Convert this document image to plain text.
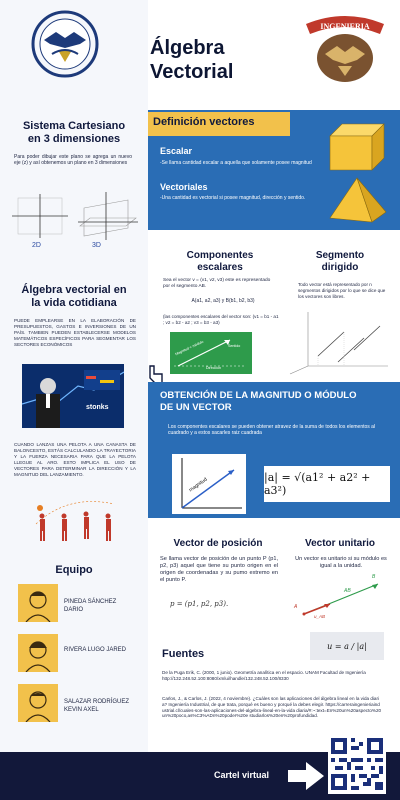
Álgebra
Vectorial
INGENIERIA
Sistema Cartesiano
en 3 dimensiones
Para poder dibujar este plano se agrega un nuevo eje (z) y así obtenemos un plano en 3 dimensiones
2D	3D
Álgebra vectorial en
la vida cotidiana
PUEDE EMPLEARSE EN LA ELABORACIÓN DE PRESUPUESTOS, GASTOS E INVERSIONES DE UN PAÍS. TAMBIEN PUEDEN ESTABLECERSE MODELOS MATEMÁTICOS ESPECÍFICOS PARA SEGMENTAR LOS SECTORES ECONÓMICOS
stonks
CUANDO LANZAS UNA PELOTA A UNA CANASTA DE BALONCESTO, ESTÁS CALCULANDO LA TRAYECTORIA Y LA FUERZA NECESARIA PARA QUE LA PELOTA LLEGUE AL ARO. ESTO IMPLICA EL USO DE VECTORES PARA DETERMINAR LA DIRECCIÓN Y LA MAGNITUD DEL LANZAMIENTO.
Equipo
PINEDA SÁNCHEZ
DARIO
RIVERA LUGO JARED
SALAZAR RODRÍGUEZ
KEVIN AXEL
Definición vectores
Escalar
-Se llama cantidad escalar a aquella que solamente posee magnitud
Vectoriales
-Una cantidad es vectorial si posee magnitud, dirección y sentido.
Componentes
escalares
Sea el vector v = (v1, v2, v3) este es representado por el segmento AB.
A(a1, a2, a3) y B(b1, b2, b3)
(las componentes escalares del vector son: (v1 = b1 - a1 ; v2 = b2 - a2 ; v3 = b3 - a3)
Magnitud = módulo	Sentido
Dirección
Segmento
dirigido
Todo vector está representado por n segmentos dirigidos por lo que se dice que los vectores son libres.
OBTENCIÓN DE LA MAGNITUD O MÓDULO
DE UN VECTOR
Los componentes escalares se pueden obtener atravez de la suma de todos los elementos al cuadrado y a estos sacarles raiz cuadrada
magnitud	|a| = √(a1² + a2² + a3²)
Vector de posición
Se llama vector de posición de un punto P (p1, p2, p3) aquel que tiene su punto origen en el origen de coordenadas y su pumo extremo en el punto P.
p = (p1, p2, p3).
Vector unitario
Un vector es unitario si su módulo es igual a la unidad.
A
B
AB
u_AB
u = a / |a|
Fuentes
De la Puga Erik, C. (2000, 1 junio). Geometría analítica en el espacio. UNAM Facultad de Ingeniería http://132.248.52.100:8080/xmlui/handle/132.248.52.100/8330
Carlos, J., & Carlos, J. (2022, 4 noviembre). ¿Cuáles son las aplicaciones del álgebra lineal en la vida diaria? Ingeniería Industrial, de que trata, porqué es bueno y porqué la debes elegir. https://carreraingenieriaindustrial.cl/cuales-son-las-aplicaciones-del-algebra-lineal-en-la-vida diaria/#:~:text=En%20un%20aspecto%20un%20poco,as%C3%ADn%20poder%20e studiarlos%20en%20profundidad.
Cartel virtual
